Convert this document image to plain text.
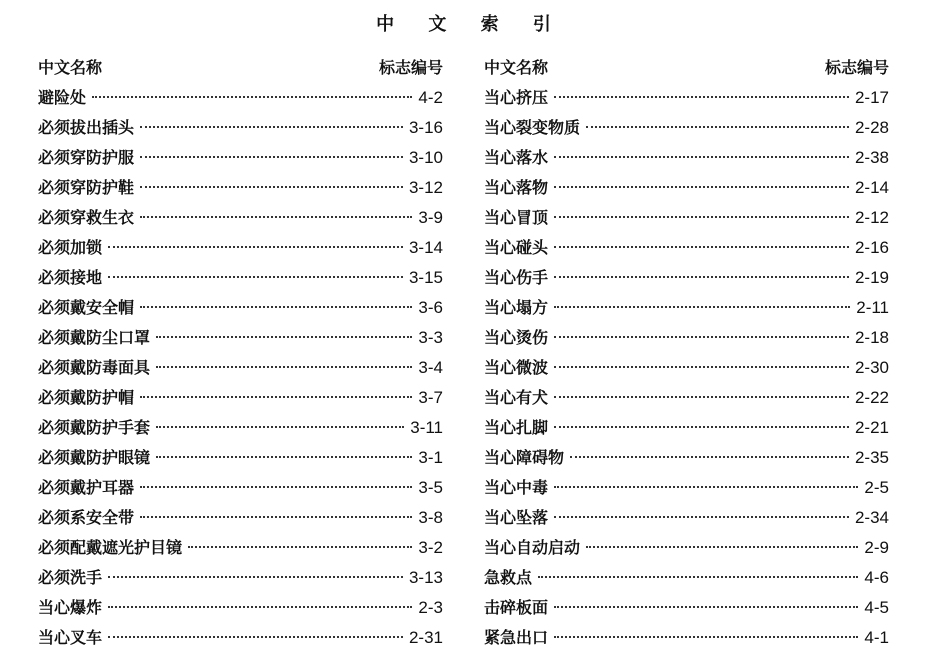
中 文 索 引
中文名称	标志编号
避险处	4-2
必须拔出插头	3-16
必须穿防护服	3-10
必须穿防护鞋	3-12
必须穿救生衣	3-9
必须加锁	3-14
必须接地	3-15
必须戴安全帽	3-6
必须戴防尘口罩	3-3
必须戴防毒面具	3-4
必须戴防护帽	3-7
必须戴防护手套	3-11
必须戴防护眼镜	3-1
必须戴护耳器	3-5
必须系安全带	3-8
必须配戴遮光护目镜	3-2
必须洗手	3-13
当心爆炸	2-3
当心叉车	2-31
中文名称	标志编号
当心挤压	2-17
当心裂变物质	2-28
当心落水	2-38
当心落物	2-14
当心冒顶	2-12
当心碰头	2-16
当心伤手	2-19
当心塌方	2-11
当心烫伤	2-18
当心微波	2-30
当心有犬	2-22
当心扎脚	2-21
当心障碍物	2-35
当心中毒	2-5
当心坠落	2-34
当心自动启动	2-9
急救点	4-6
击碎板面	4-5
紧急出口	4-1
